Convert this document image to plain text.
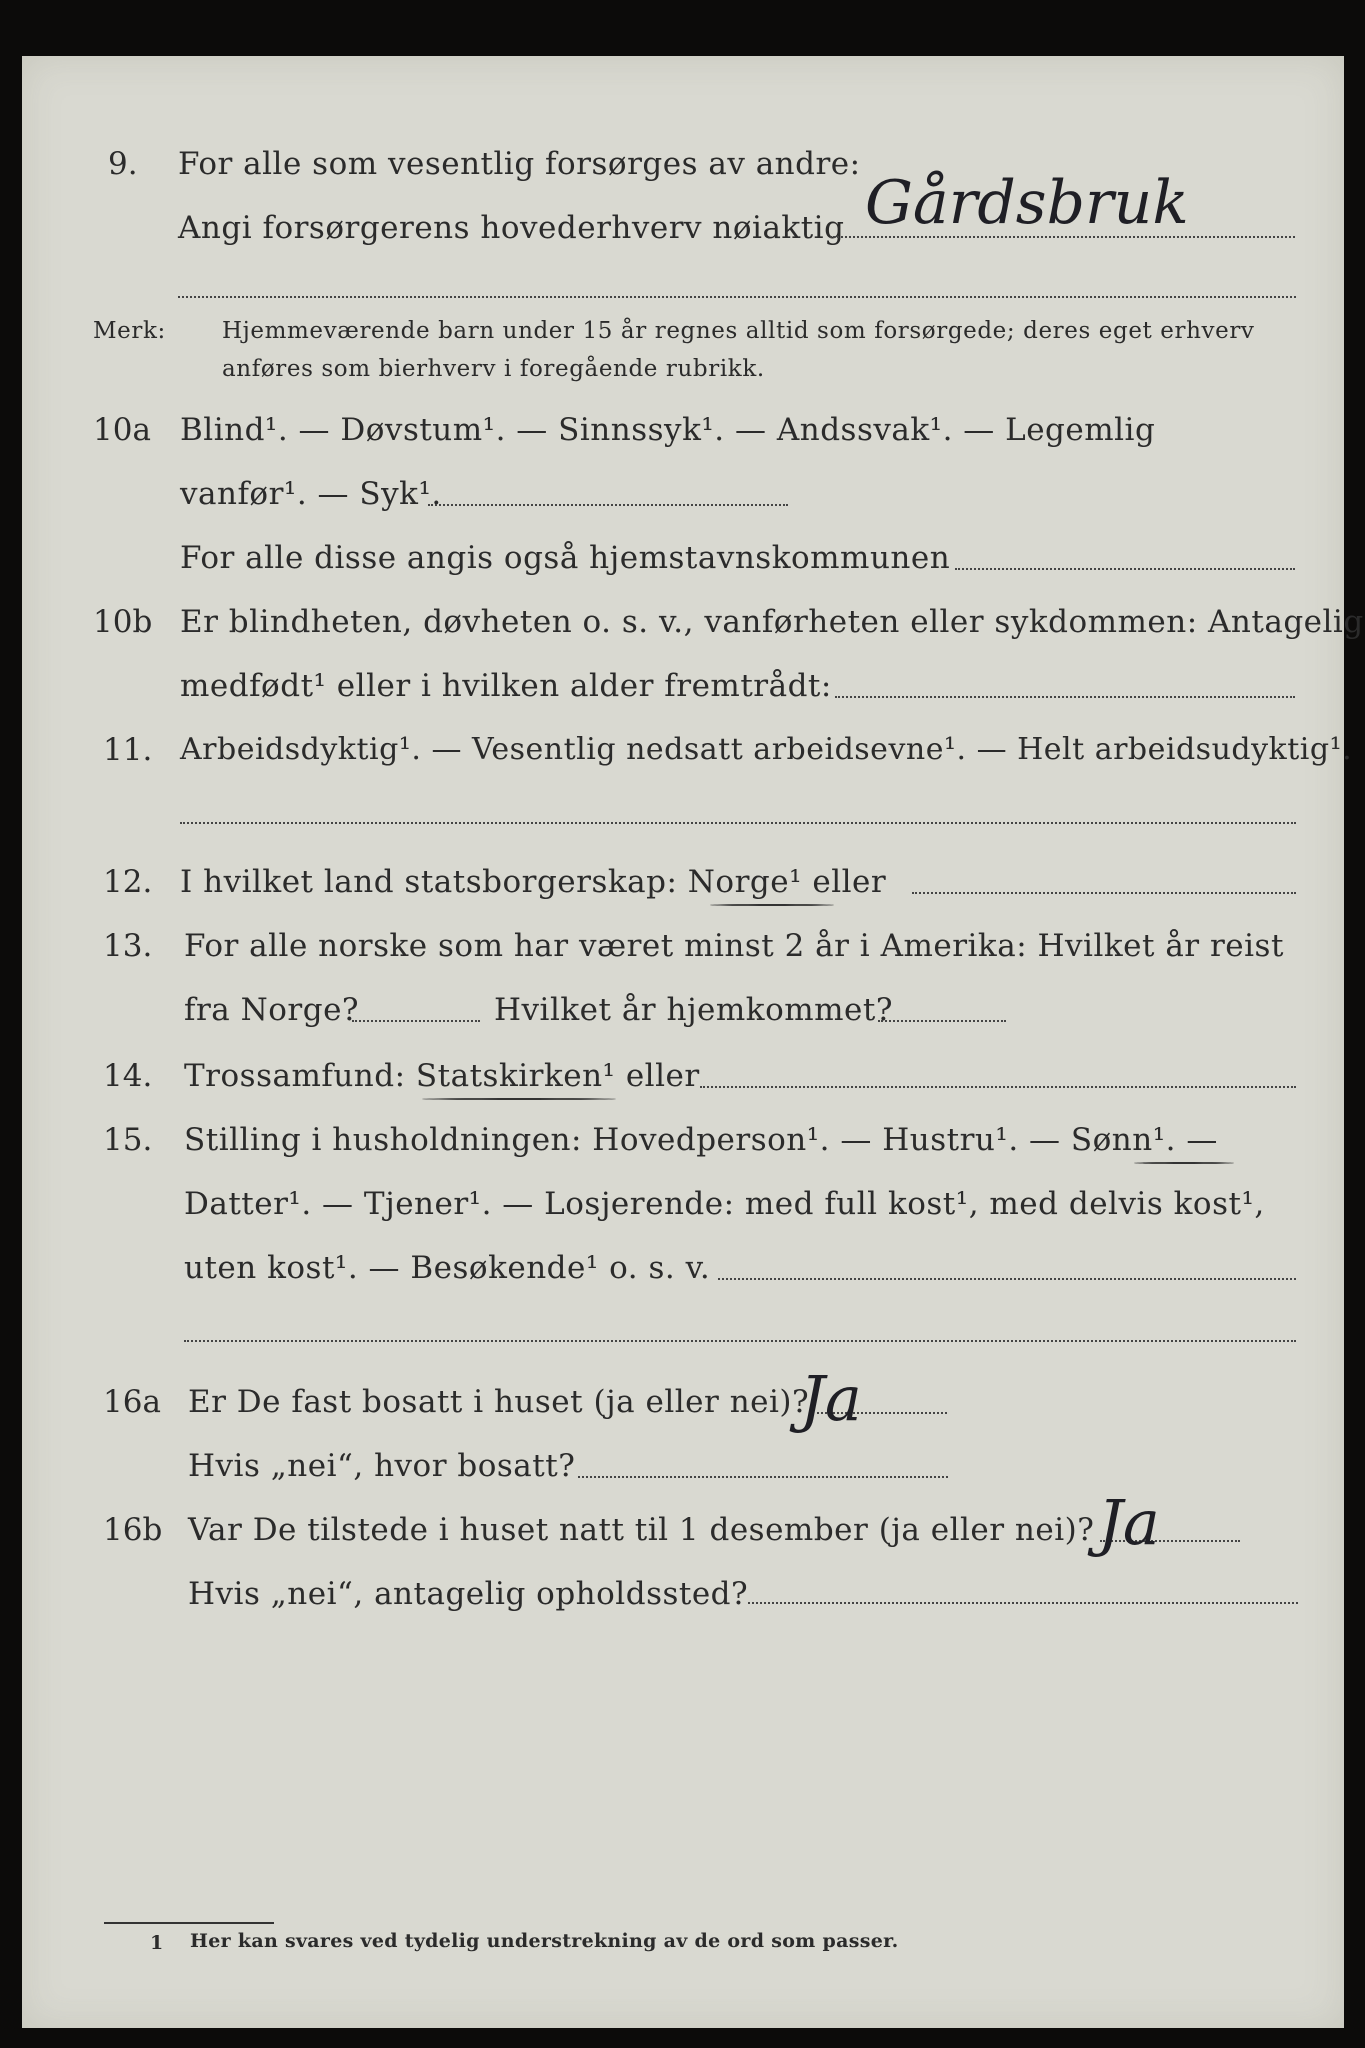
9. For alle som vesentlig forsørges av andre:
Angi forsørgerens hovederhverv nøiaktig Gårdsbruk
Merk: Hjemmeværende barn under 15 år regnes alltid som forsørgede; deres eget erhverv
anføres som bierhverv i foregående rubrikk.
10a Blind¹. — Døvstum¹. — Sinnssyk¹. — Andssvak¹. — Legemlig
vanfør¹. — Syk¹.
For alle disse angis også hjemstavnskommunen
10b Er blindheten, døvheten o. s. v., vanførheten eller sykdommen: Antagelig
medfødt¹ eller i hvilken alder fremtrådt:
11. Arbeidsdyktig¹. — Vesentlig nedsatt arbeidsevne¹. — Helt arbeidsudyktig¹.
12. I hvilket land statsborgerskap: Norge¹ eller
13. For alle norske som har været minst 2 år i Amerika: Hvilket år reist
fra Norge?	Hvilket år hjemkommet?
14. Trossamfund: Statskirken¹ eller
15. Stilling i husholdningen: Hovedperson¹. — Hustru¹. — Sønn¹. —
Datter¹. — Tjener¹. — Losjerende: med full kost¹, med delvis kost¹,
uten kost¹. — Besøkende¹ o. s. v.
16a Er De fast bosatt i huset (ja eller nei)?
Ja
Hvis „nei“, hvor bosatt?
16b Var De tilstede i huset natt til 1 desember (ja eller nei)? Ja
Hvis „nei“, antagelig opholdssted?
1 Her kan svares ved tydelig understrekning av de ord som passer.
